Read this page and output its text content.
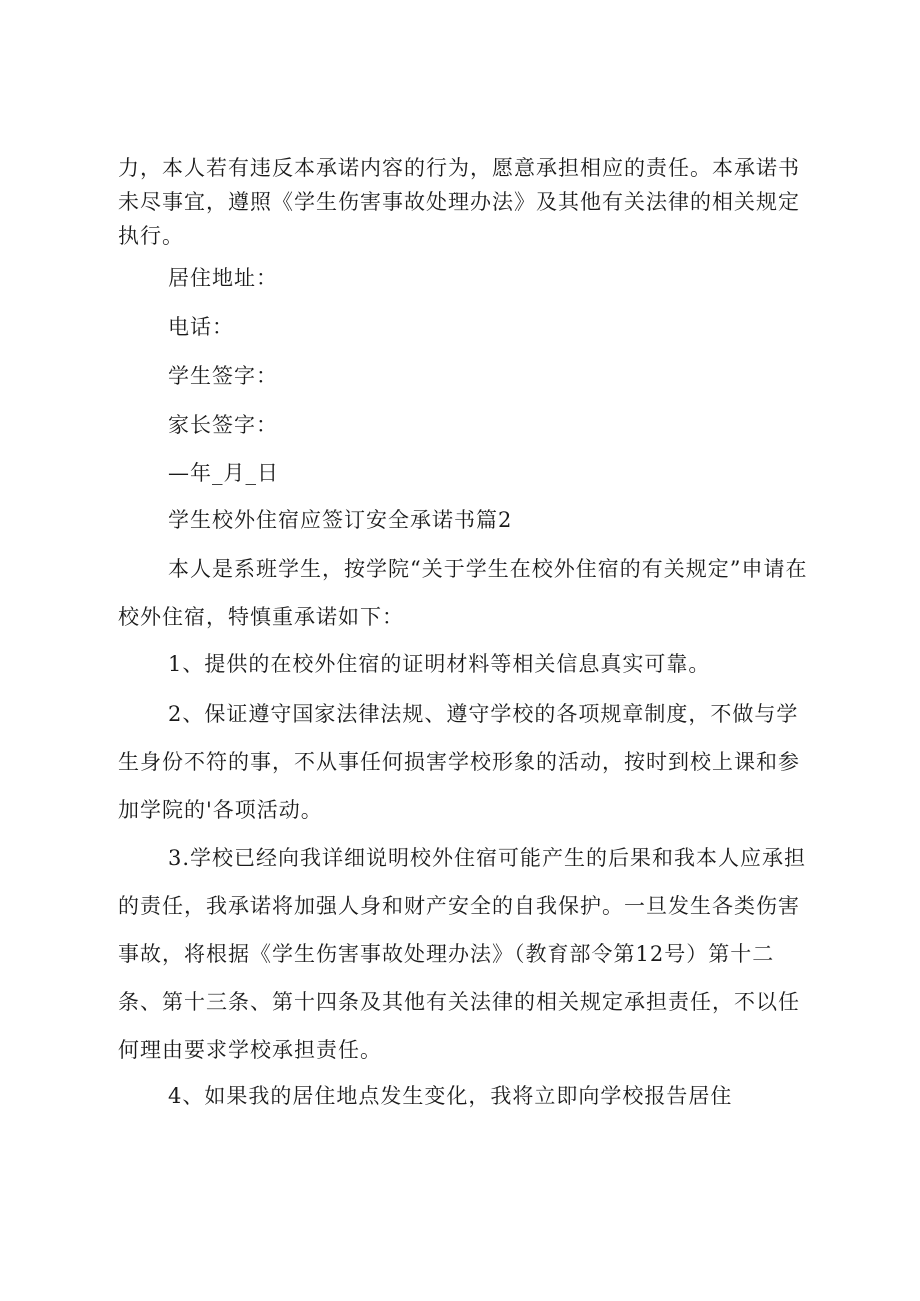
力，本人若有违反本承诺内容的行为，愿意承担相应的责任。本承诺书未尽事宜，遵照《学生伤害事故处理办法》及其他有关法律的相关规定执行。

居住地址：

电话：

学生签字：

家长签字：

—年_月_日

学生校外住宿应签订安全承诺书篇2

本人是系班学生，按学院“关于学生在校外住宿的有关规定”申请在校外住宿，特慎重承诺如下：

1、提供的在校外住宿的证明材料等相关信息真实可靠。

2、保证遵守国家法律法规、遵守学校的各项规章制度，不做与学生身份不符的事，不从事任何损害学校形象的活动，按时到校上课和参加学院的'各项活动。

3.学校已经向我详细说明校外住宿可能产生的后果和我本人应承担的责任，我承诺将加强人身和财产安全的自我保护。一旦发生各类伤害事故，将根据《学生伤害事故处理办法》（教育部令第12号）第十二条、第十三条、第十四条及其他有关法律的相关规定承担责任，不以任何理由要求学校承担责任。

4、如果我的居住地点发生变化，我将立即向学校报告居住
